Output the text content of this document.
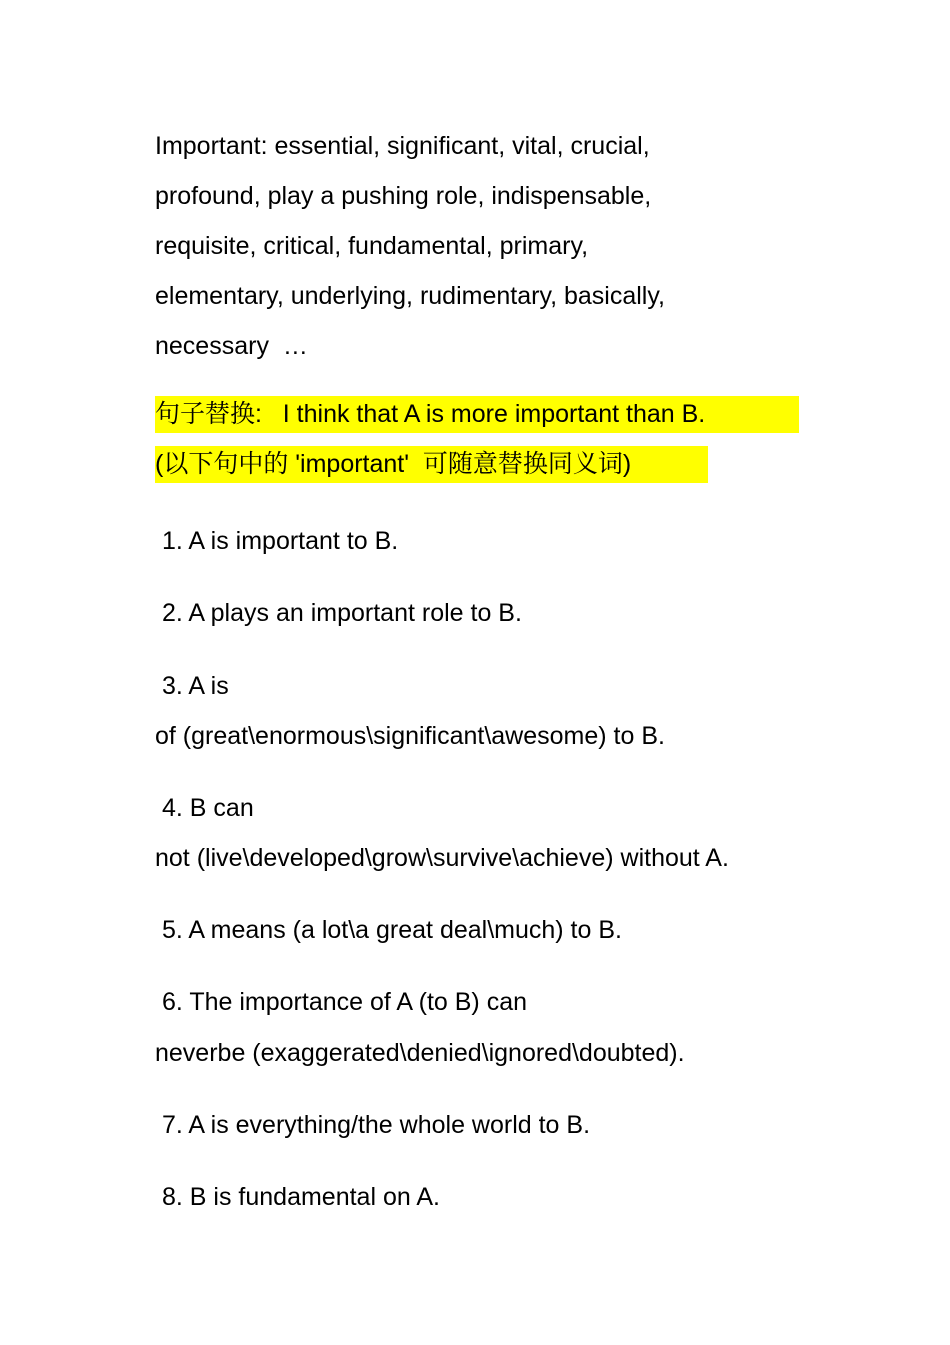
Important: essential, significant, vital, crucial,
profound, play a pushing role, indispensable,
requisite, critical, fundamental, primary,
elementary, underlying, rudimentary, basically,
necessary  …
句子替换:   I think that A is more important than B.
(以下句中的 'important'  可随意替换同义词)
1. A is important to B.
2. A plays an important role to B.
3. A is
of (great\enormous\significant\awesome) to B.
4. B can
not (live\developed\grow\survive\achieve) without A.
5. A means (a lot\a great deal\much) to B.
6. The importance of A (to B) can
neverbe (exaggerated\denied\ignored\doubted).
7. A is everything/the whole world to B.
8. B is fundamental on A.
